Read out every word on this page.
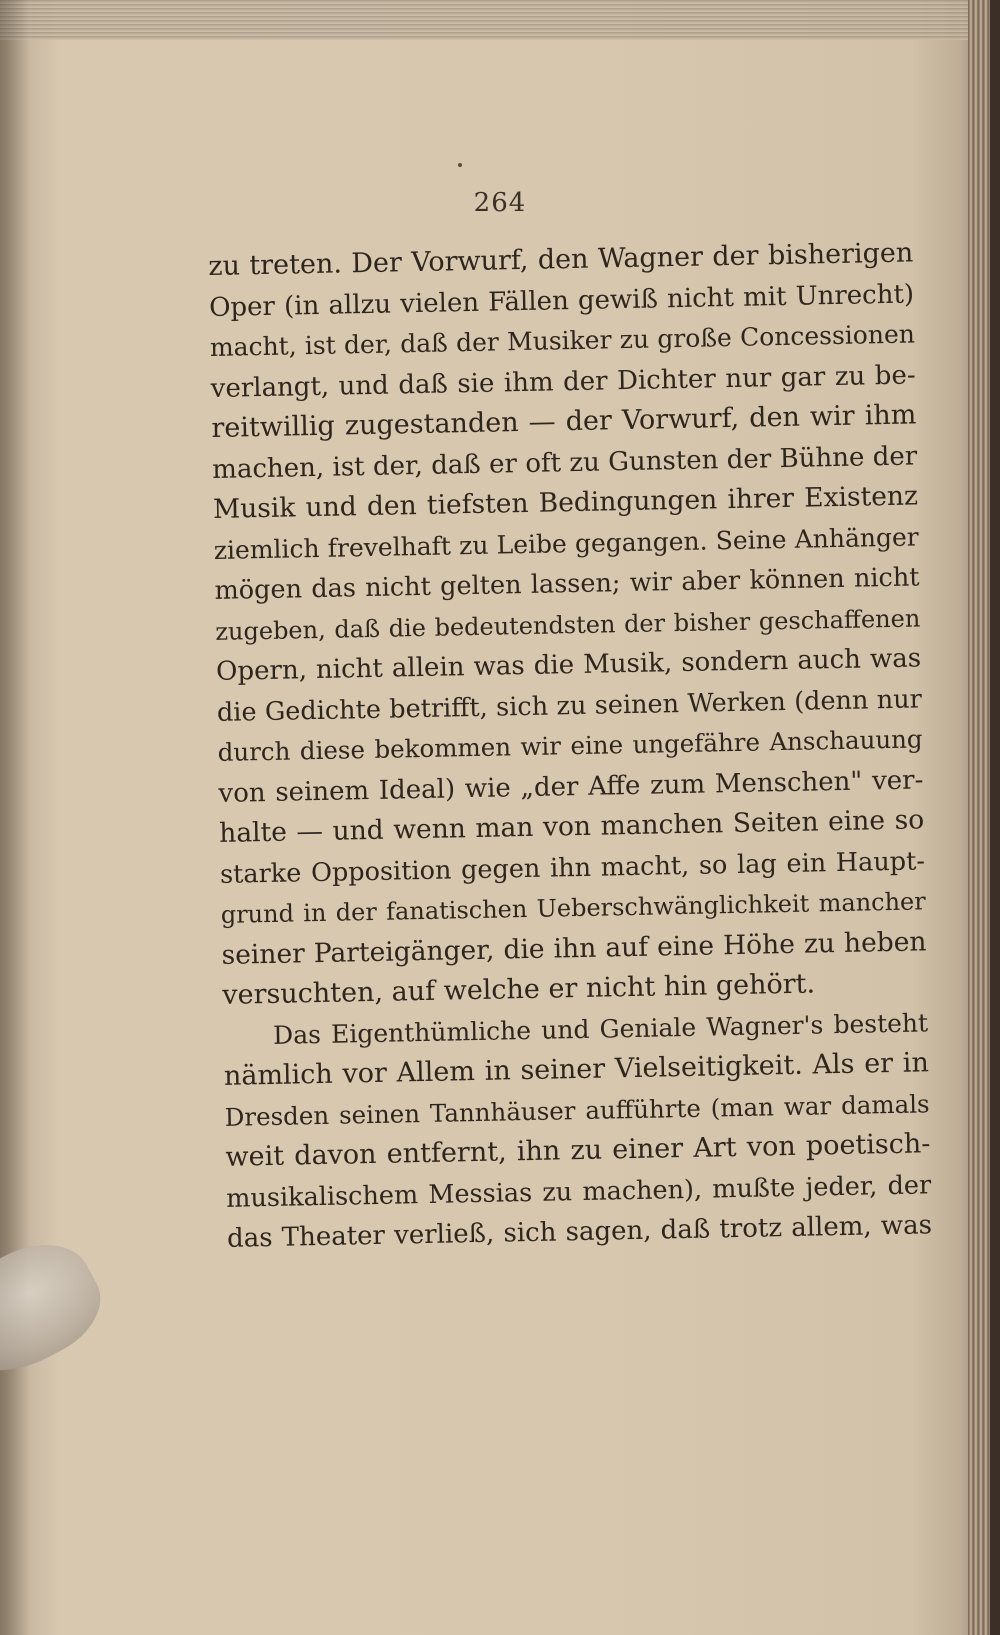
264
zu treten. Der Vorwurf, den Wagner der bisherigen
Oper (in allzu vielen Fällen gewiß nicht mit Unrecht)
macht, ist der, daß der Musiker zu große Concessionen
verlangt, und daß sie ihm der Dichter nur gar zu be-
reitwillig zugestanden — der Vorwurf, den wir ihm
machen, ist der, daß er oft zu Gunsten der Bühne der
Musik und den tiefsten Bedingungen ihrer Existenz
ziemlich frevelhaft zu Leibe gegangen. Seine Anhänger
mögen das nicht gelten lassen; wir aber können nicht
zugeben, daß die bedeutendsten der bisher geschaffenen
Opern, nicht allein was die Musik, sondern auch was
die Gedichte betrifft, sich zu seinen Werken (denn nur
durch diese bekommen wir eine ungefähre Anschauung
von seinem Ideal) wie „der Affe zum Menschen" ver-
halte — und wenn man von manchen Seiten eine so
starke Opposition gegen ihn macht, so lag ein Haupt-
grund in der fanatischen Ueberschwänglichkeit mancher
seiner Parteigänger, die ihn auf eine Höhe zu heben
versuchten, auf welche er nicht hin gehört.
Das Eigenthümliche und Geniale Wagner's besteht
nämlich vor Allem in seiner Vielseitigkeit. Als er in
Dresden seinen Tannhäuser aufführte (man war damals
weit davon entfernt, ihn zu einer Art von poetisch-
musikalischem Messias zu machen), mußte jeder, der
das Theater verließ, sich sagen, daß trotz allem, was
